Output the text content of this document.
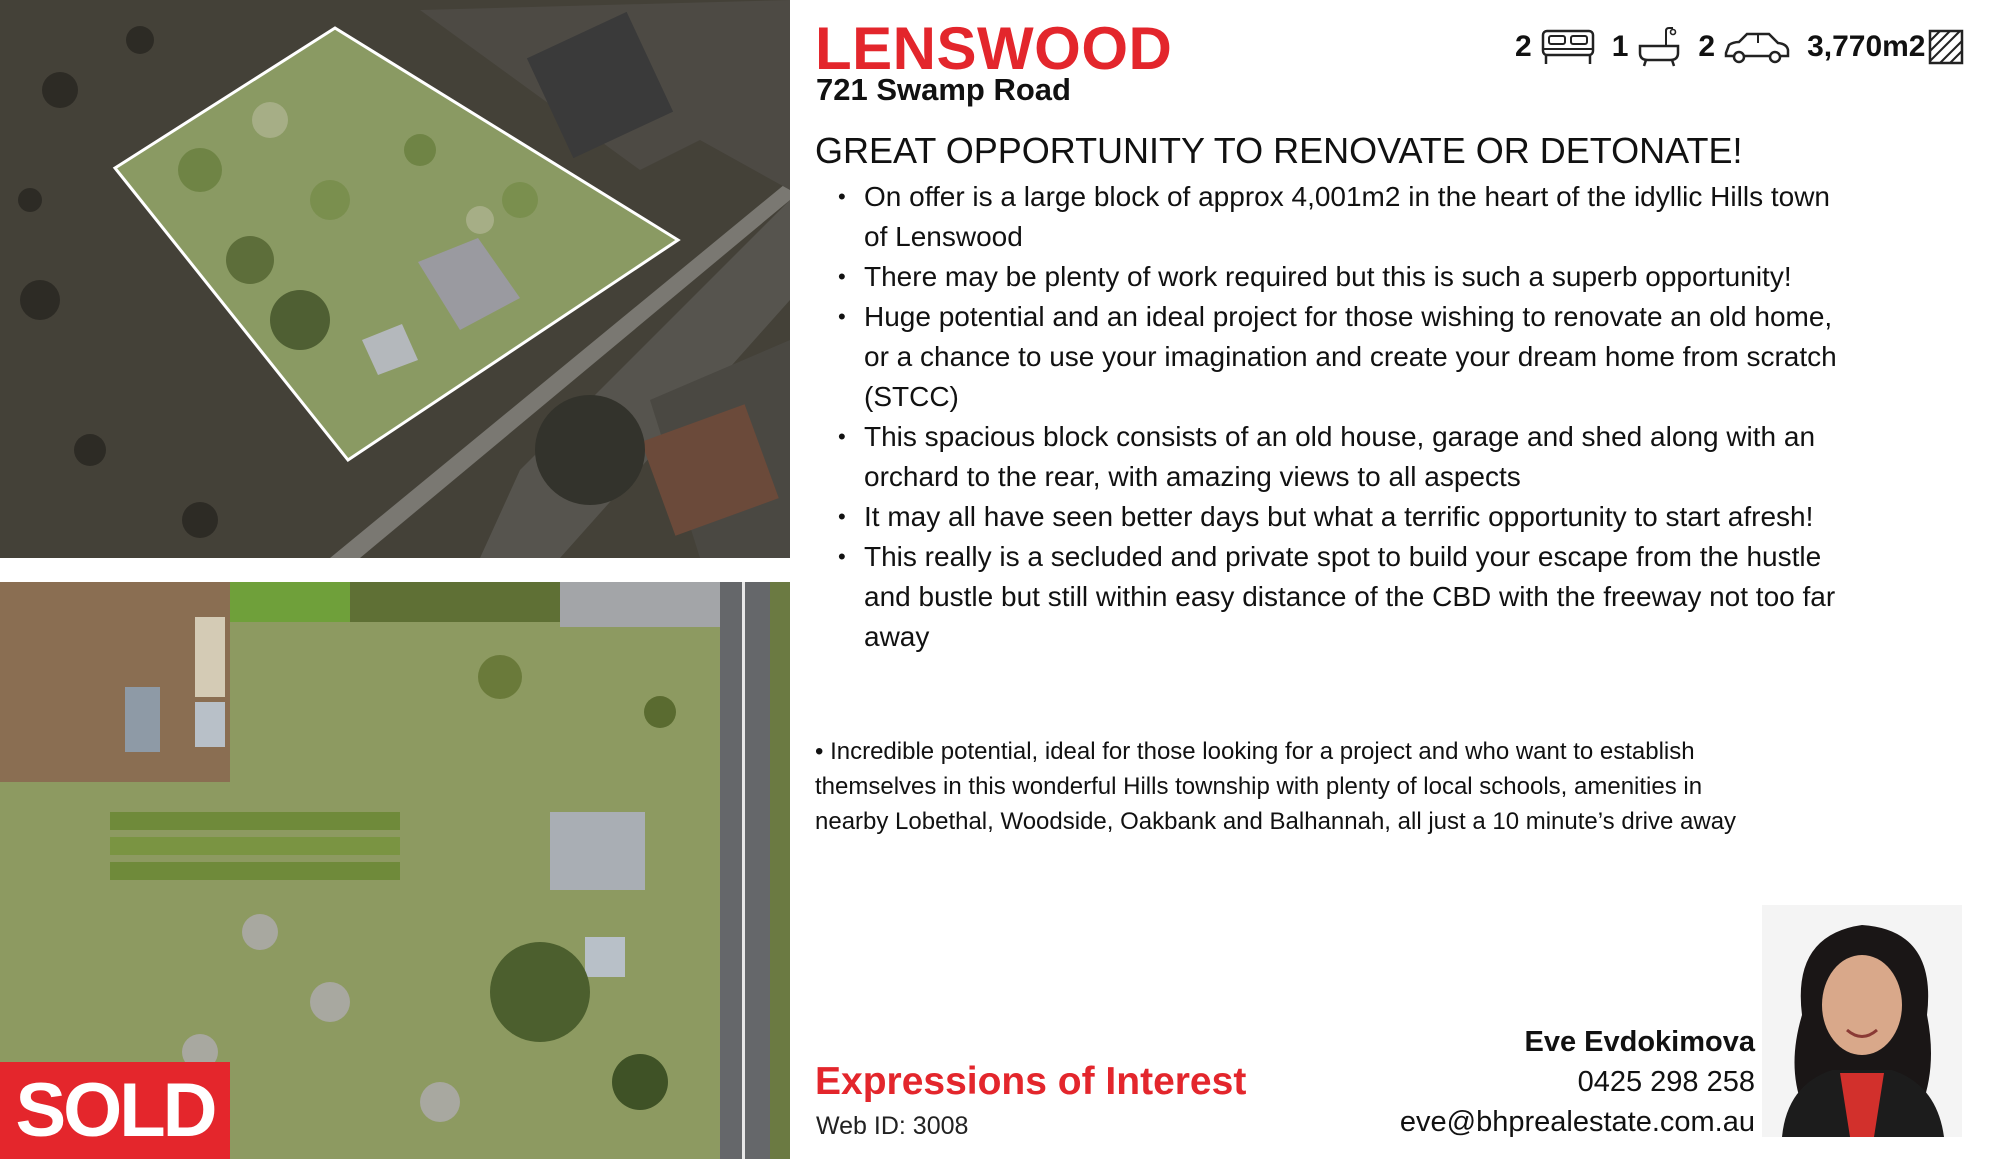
SOLD
LENSWOOD
721 Swamp Road
2	1 2	3,770m2
GREAT OPPORTUNITY TO RENOVATE OR DETONATE!
• On offer is a large block of approx 4,001m2 in the heart of the idyllic Hills town of Lenswood
• There may be plenty of work required but this is such a superb opportunity!
• Huge potential and an ideal project for those wishing to renovate an old home, or a chance to use your imagination and create your dream home from scratch (STCC)
• This spacious block consists of an old house, garage and shed along with an orchard to the rear, with amazing views to all aspects
• It may all have seen better days but what a terrific opportunity to start afresh!
• This really is a secluded and private spot to build your escape from the hustle and bustle but still within easy distance of the CBD with the freeway not too far away
• Incredible potential, ideal for those looking for a project and who want to establish themselves in this wonderful Hills township with plenty of local schools, amenities in nearby Lobethal, Woodside, Oakbank and Balhannah, all just a 10 minute’s drive away
Expressions of Interest
Web ID: 3008
Eve Evdokimova
0425 298 258
eve@bhprealestate.com.au
